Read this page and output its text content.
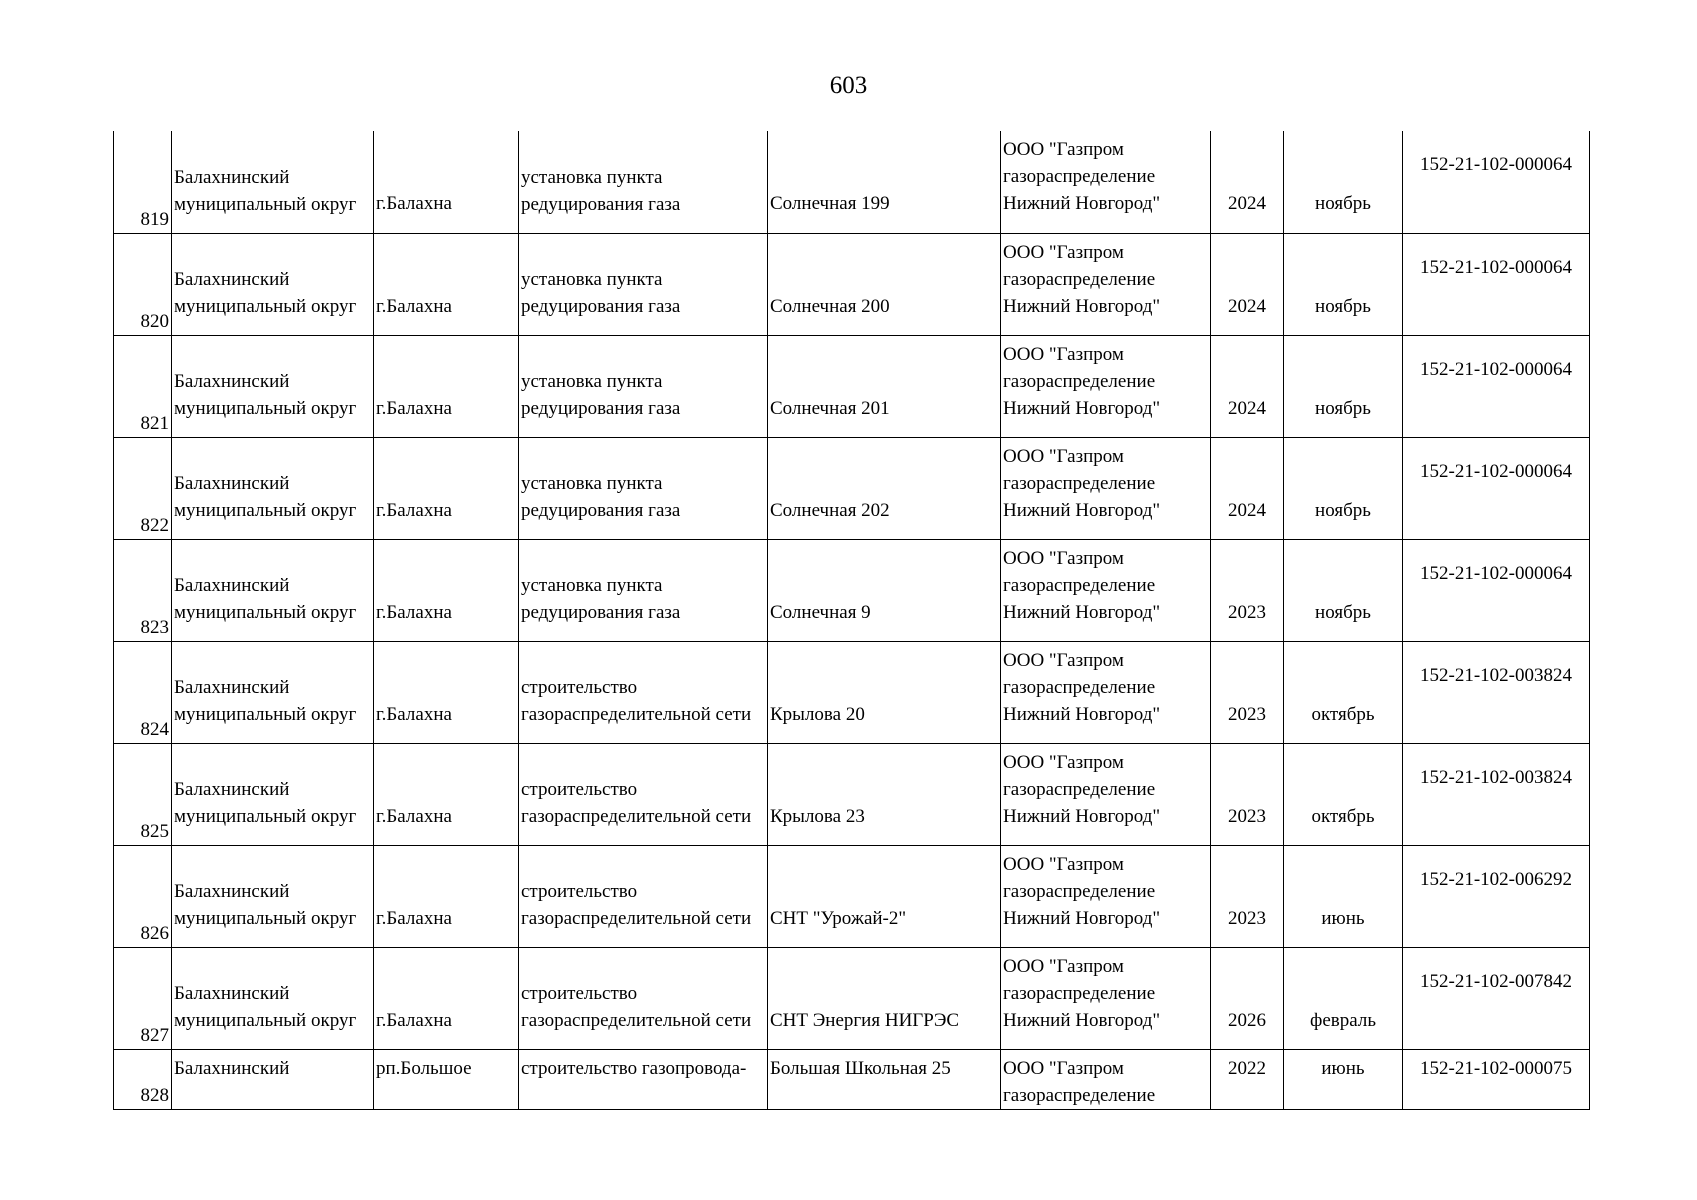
603
819	Балахнинский
муниципальный округ	г.Балахна	установка пункта
редуцирования газа	Солнечная 199	ООО "Газпром
газораспределение
Нижний Новгород"	2024	ноябрь	152-21-102-000064
820	Балахнинский
муниципальный округ	г.Балахна	установка пункта
редуцирования газа	Солнечная 200	ООО "Газпром
газораспределение
Нижний Новгород"	2024	ноябрь	152-21-102-000064
821	Балахнинский
муниципальный округ	г.Балахна	установка пункта
редуцирования газа	Солнечная 201	ООО "Газпром
газораспределение
Нижний Новгород"	2024	ноябрь	152-21-102-000064
822	Балахнинский
муниципальный округ	г.Балахна	установка пункта
редуцирования газа	Солнечная 202	ООО "Газпром
газораспределение
Нижний Новгород"	2024	ноябрь	152-21-102-000064
823	Балахнинский
муниципальный округ	г.Балахна	установка пункта
редуцирования газа	Солнечная 9	ООО "Газпром
газораспределение
Нижний Новгород"	2023	ноябрь	152-21-102-000064
824	Балахнинский
муниципальный округ	г.Балахна	строительство
газораспределительной сети	Крылова 20	ООО "Газпром
газораспределение
Нижний Новгород"	2023	октябрь	152-21-102-003824
825	Балахнинский
муниципальный округ	г.Балахна	строительство
газораспределительной сети	Крылова 23	ООО "Газпром
газораспределение
Нижний Новгород"	2023	октябрь	152-21-102-003824
826	Балахнинский
муниципальный округ	г.Балахна	строительство
газораспределительной сети	СНТ "Урожай-2"	ООО "Газпром
газораспределение
Нижний Новгород"	2023	июнь	152-21-102-006292
827	Балахнинский
муниципальный округ	г.Балахна	строительство
газораспределительной сети	СНТ Энергия НИГРЭС	ООО "Газпром
газораспределение
Нижний Новгород"	2026	февраль	152-21-102-007842
828	Балахнинский	рп.Большое	строительство газопровода-	Большая Школьная 25	ООО "Газпром
газораспределение	2022	июнь	152-21-102-000075
